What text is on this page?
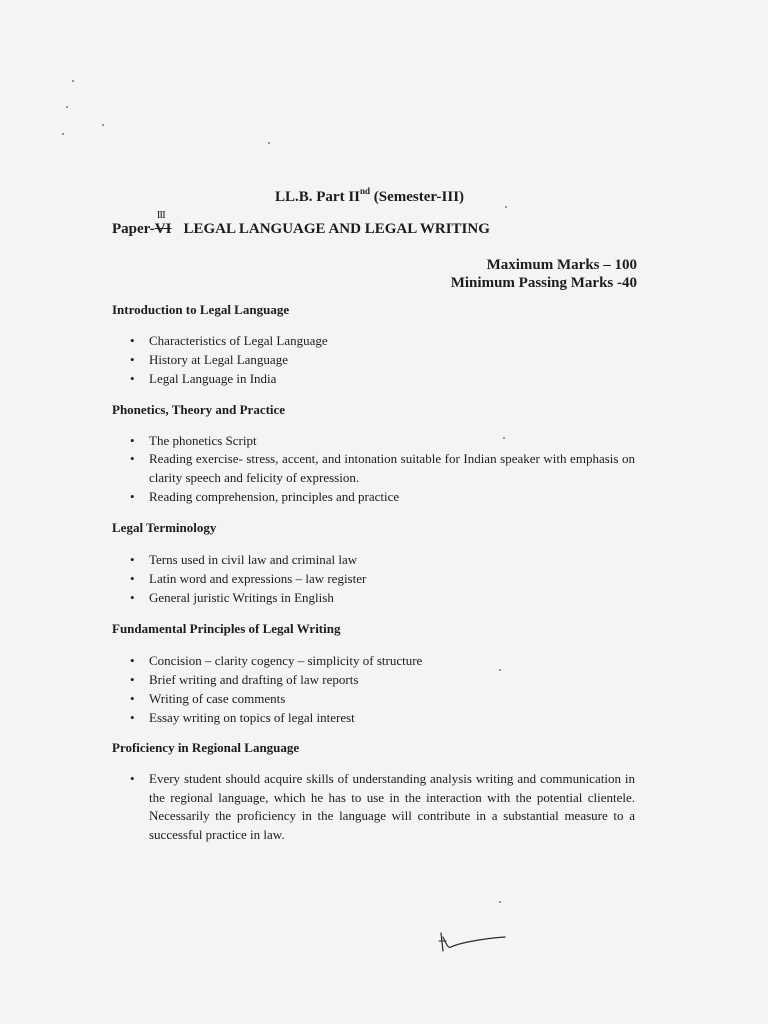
LL.B. Part IInd (Semester-III)
Paper-VI
III
LEGAL LANGUAGE AND LEGAL WRITING
Maximum Marks – 100
Minimum Passing Marks -40
Introduction to Legal Language
• Characteristics of Legal Language
• History at Legal Language
• Legal Language in India
Phonetics, Theory and Practice
• The phonetics Script
• Reading exercise- stress, accent, and intonation suitable for Indian speaker with emphasis on clarity speech and felicity of expression.
• Reading comprehension, principles and practice
Legal Terminology
• Terns used in civil law and criminal law
• Latin word and expressions – law register
• General juristic Writings in English
Fundamental Principles of Legal Writing
• Concision – clarity cogency – simplicity of structure
• Brief writing and drafting of law reports
• Writing of case comments
• Essay writing on topics of legal interest
Proficiency in Regional Language
• Every student should acquire skills of understanding analysis writing and communication in the regional language, which he has to use in the interaction with the potential clientele. Necessarily the proficiency in the language will contribute in a substantial measure to a successful practice in law.
